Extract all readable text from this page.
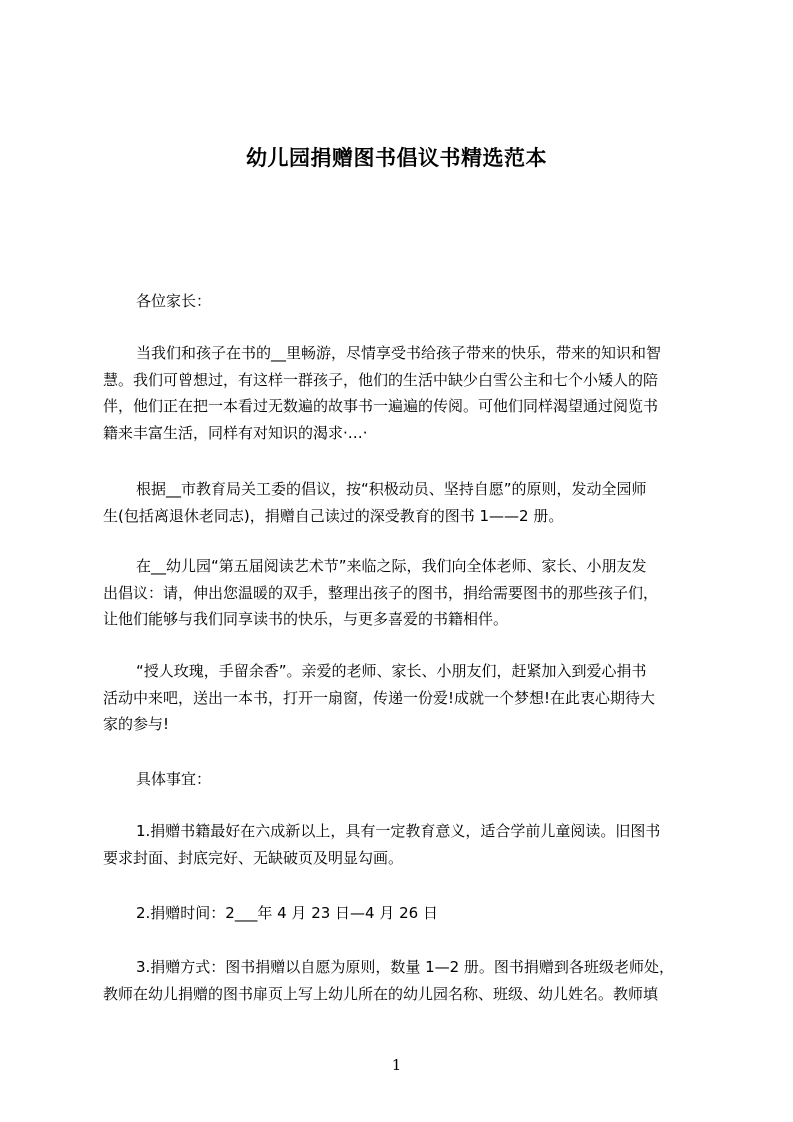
幼儿园捐赠图书倡议书精选范本

各位家长：

当我们和孩子在书的__里畅游，尽情享受书给孩子带来的快乐，带来的知识和智
慧。我们可曾想过，有这样一群孩子，他们的生活中缺少白雪公主和七个小矮人的陪
伴，他们正在把一本看过无数遍的故事书一遍遍的传阅。可他们同样渴望通过阅览书
籍来丰富生活，同样有对知识的渴求·…·

根据__市教育局关工委的倡议，按“积极动员、坚持自愿”的原则，发动全园师
生(包括离退休老同志)，捐赠自己读过的深受教育的图书 1——2 册。

在__幼儿园“第五届阅读艺术节”来临之际，我们向全体老师、家长、小朋友发
出倡议：请，伸出您温暖的双手，整理出孩子的图书，捐给需要图书的那些孩子们，
让他们能够与我们同享读书的快乐，与更多喜爱的书籍相伴。

“授人玫瑰，手留余香”。亲爱的老师、家长、小朋友们，赶紧加入到爱心捐书
活动中来吧，送出一本书，打开一扇窗，传递一份爱!成就一个梦想!在此衷心期待大
家的参与!

具体事宜：

1.捐赠书籍最好在六成新以上，具有一定教育意义，适合学前儿童阅读。旧图书
要求封面、封底完好、无缺破页及明显勾画。

2.捐赠时间：2___年 4 月 23 日—4 月 26 日

3.捐赠方式：图书捐赠以自愿为原则，数量 1—2 册。图书捐赠到各班级老师处，
教师在幼儿捐赠的图书扉页上写上幼儿所在的幼儿园名称、班级、幼儿姓名。教师填

1
